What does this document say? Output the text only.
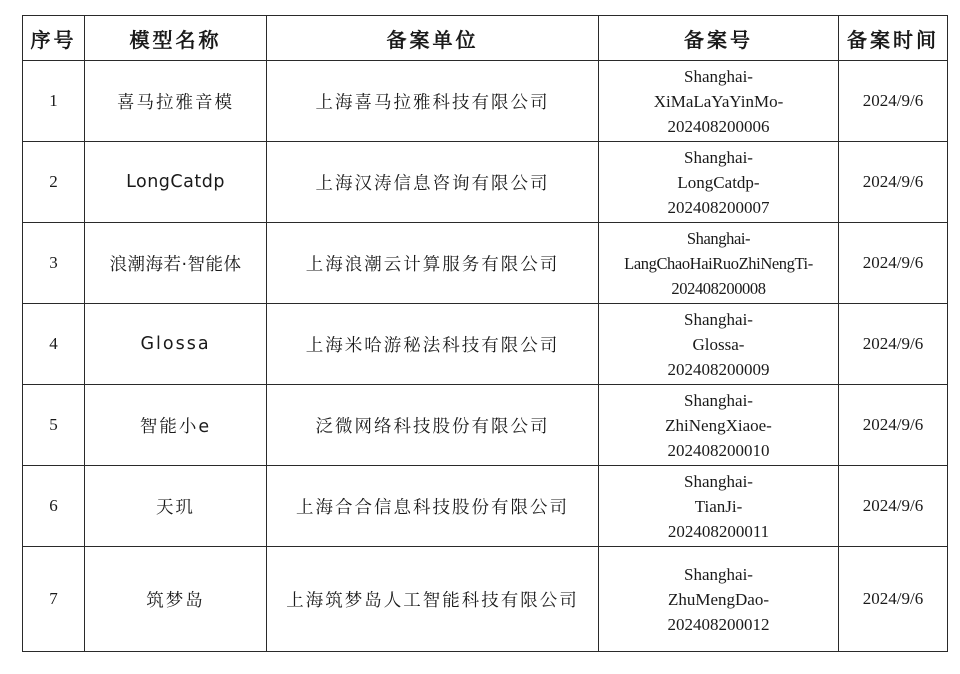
序号	模型名称	备案单位	备案号	备案时间
1	喜马拉雅音模	上海喜马拉雅科技有限公司	Shanghai-
XiMaLaYaYinMo-
202408200006	2024/9/6
2	LongCatdp	上海汉涛信息咨询有限公司	Shanghai-
LongCatdp-
202408200007	2024/9/6
3	浪潮海若·智能体	上海浪潮云计算服务有限公司	Shanghai-
LangChaoHaiRuoZhiNengTi-
202408200008	2024/9/6
4	Glossa	上海米哈游秘法科技有限公司	Shanghai-
Glossa-
202408200009	2024/9/6
5	智能小e	泛微网络科技股份有限公司	Shanghai-
ZhiNengXiaoe-
202408200010	2024/9/6
6	天玑	上海合合信息科技股份有限公司	Shanghai-
TianJi-
202408200011	2024/9/6
7	筑梦岛	上海筑梦岛人工智能科技有限公司	Shanghai-
ZhuMengDao-
202408200012	2024/9/6
